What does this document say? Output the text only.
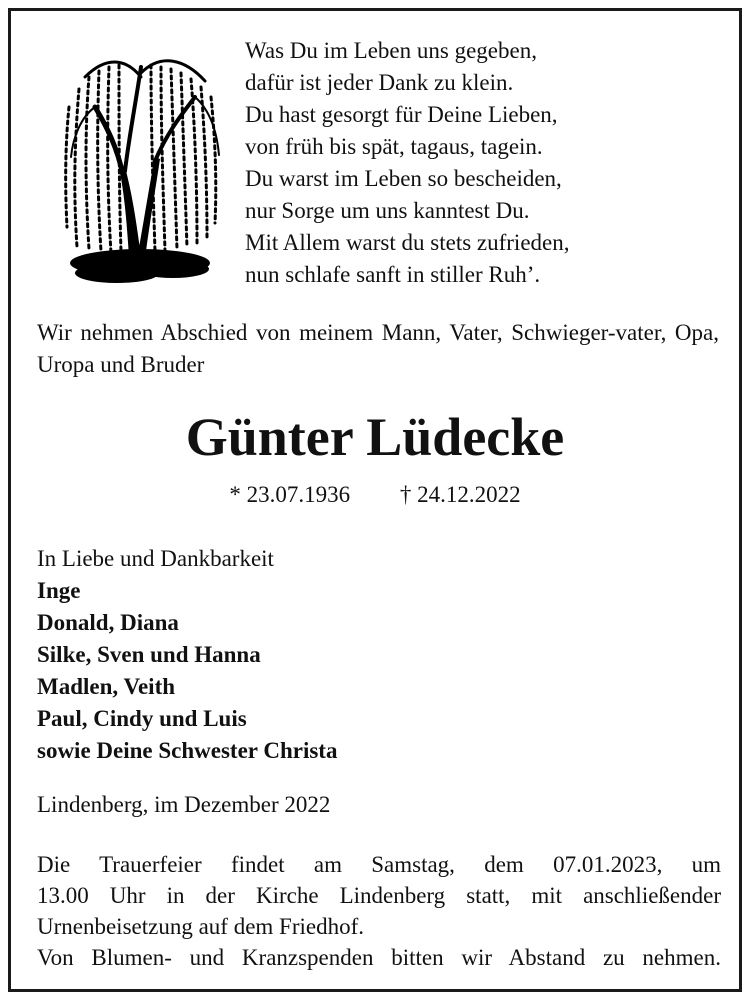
Was Du im Leben uns gegeben,
dafür ist jeder Dank zu klein.
Du hast gesorgt für Deine Lieben,
von früh bis spät, tagaus, tagein.
Du warst im Leben so bescheiden,
nur Sorge um uns kanntest Du.
Mit Allem warst du stets zufrieden,
nun schlafe sanft in stiller Ruh’.
Wir nehmen Abschied von meinem Mann, Vater, Schwieger-vater, Opa, Uropa und Bruder
Günter Lüdecke
* 23.07.1936 † 24.12.2022
In Liebe und Dankbarkeit
Inge
Donald, Diana
Silke, Sven und Hanna
Madlen, Veith
Paul, Cindy und Luis
sowie Deine Schwester Christa
Lindenberg, im Dezember 2022
Die Trauerfeier findet am Samstag, dem 07.01.2023, um
13.00 Uhr in der Kirche Lindenberg statt, mit anschließender
Urnenbeisetzung auf dem Friedhof.
Von Blumen- und Kranzspenden bitten wir Abstand zu nehmen.
